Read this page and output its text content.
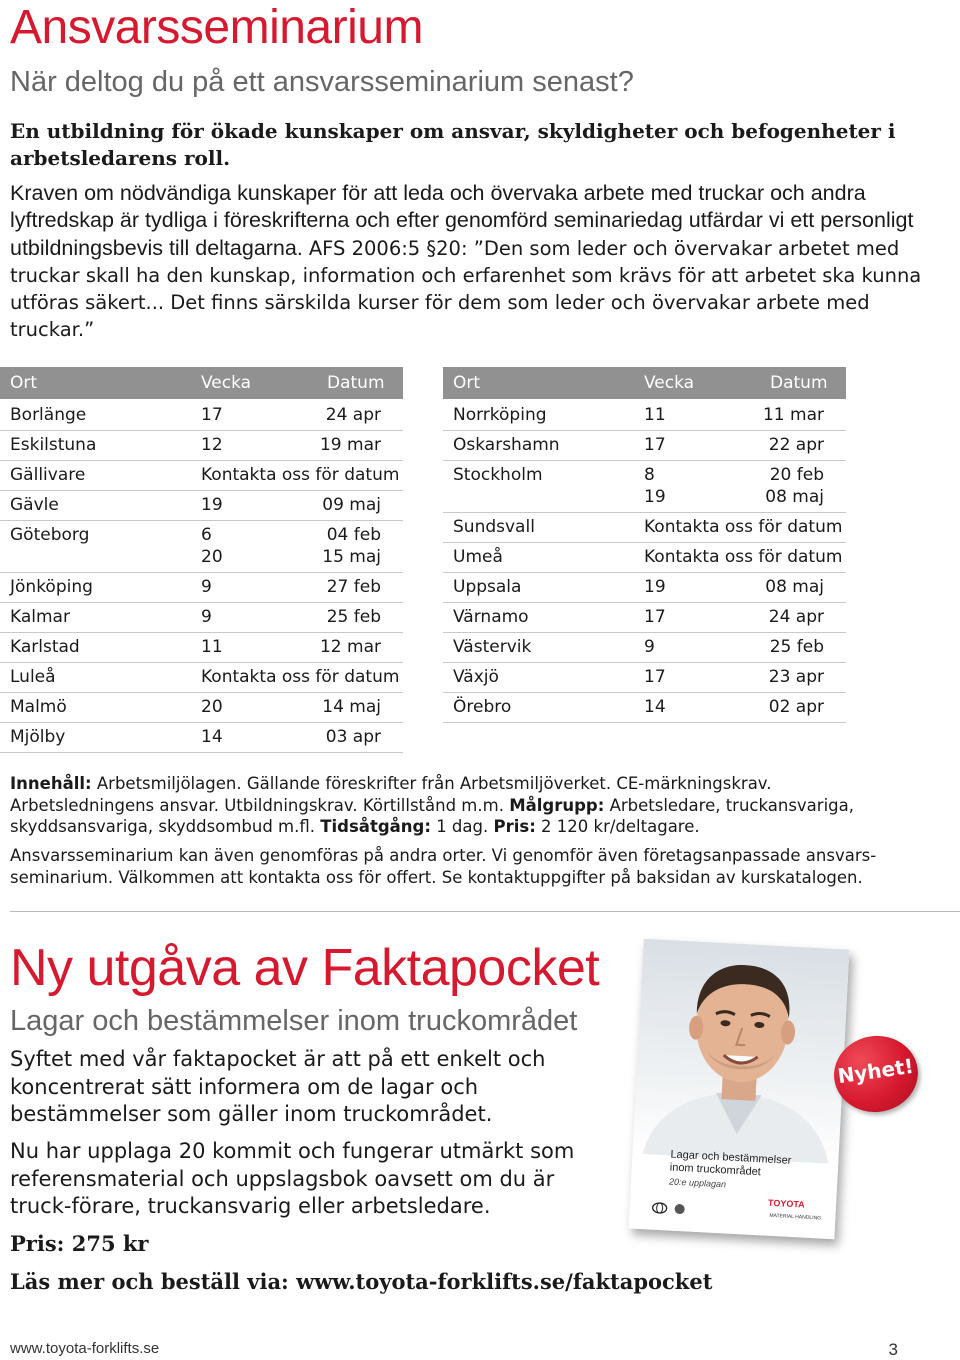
Ansvarsseminarium
När deltog du på ett ansvarsseminarium senast?
En utbildning för ökade kunskaper om ansvar, skyldigheter och befogenheter i arbetsledarens roll.
Kraven om nödvändiga kunskaper för att leda och övervaka arbete med truckar och andra lyftredskap är tydliga i föreskrifterna och efter genomförd seminariedag utfärdar vi ett personligt utbildningsbevis till deltagarna. AFS 2006:5 §20: ”Den som leder och övervakar arbetet med truckar skall ha den kunskap, information och erfarenhet som krävs för att arbetet ska kunna utföras säkert... Det finns särskilda kurser för dem som leder och övervakar arbete med truckar.”
Ort	Vecka	Datum
Borlänge	17	24 apr
Eskilstuna	12	19 mar
Gällivare	Kontakta oss för datum
Gävle	19	09 maj
Göteborg	6	04 feb
20	15 maj
Jönköping	9	27 feb
Kalmar	9	25 feb
Karlstad	11	12 mar
Luleå	Kontakta oss för datum
Malmö	20	14 maj
Mjölby	14	03 apr
Ort	Vecka	Datum
Norrköping	11	11 mar
Oskarshamn	17	22 apr
Stockholm	8	20 feb
19	08 maj
Sundsvall	Kontakta oss för datum
Umeå	Kontakta oss för datum
Uppsala	19	08 maj
Värnamo	17	24 apr
Västervik	9	25 feb
Växjö	17	23 apr
Örebro	14	02 apr
Innehåll: Arbetsmiljölagen. Gällande föreskrifter från Arbetsmiljöverket. CE-märkningskrav. Arbetsledningens ansvar. Utbildningskrav. Körtillstånd m.m. Målgrupp: Arbetsledare, truckansvariga, skyddsansvariga, skyddsombud m.fl. Tidsåtgång: 1 dag. Pris: 2 120 kr/deltagare.
Ansvarsseminarium kan även genomföras på andra orter. Vi genomför även företagsanpassade ansvars-seminarium. Välkommen att kontakta oss för offert. Se kontaktuppgifter på baksidan av kurskatalogen.
Ny utgåva av Faktapocket
Lagar och bestämmelser inom truckområdet
Syftet med vår faktapocket är att på ett enkelt och koncentrerat sätt informera om de lagar och bestämmelser som gäller inom truckområdet.
Nu har upplaga 20 kommit och fungerar utmärkt som referensmaterial och uppslagsbok oavsett om du är truck-förare, truckansvarig eller arbetsledare.
Pris: 275 kr
Läs mer och beställ via: www.toyota-forklifts.se/faktapocket
Lagar och bestämmelser inom truckområdet
20:e upplagan
TOYOTA
MATERIAL HANDLING
Nyhet!
www.toyota-forklifts.se	3
